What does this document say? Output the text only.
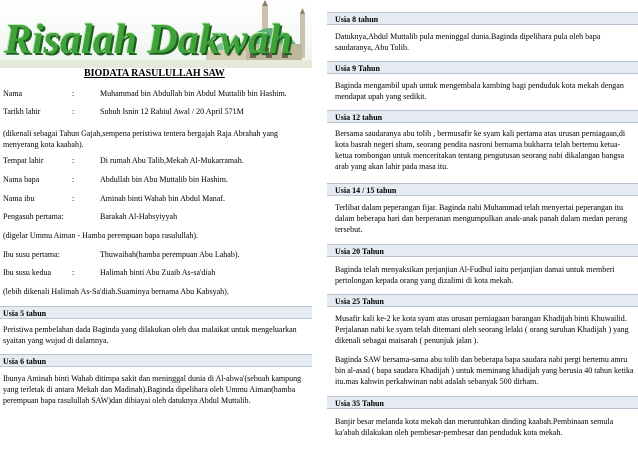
Risalah Dakwah
BIODATA RASULULLAH SAW
Nama	:	Muhammad bin Abdullah bin Abdul Muttalib bin Hashim.
Tarikh lahir	:	Subuh Isnin 12 Rabiul Awal / 20 April 571M

(dikenali sebagai Tahun Gajah,sempena peristiwa tentera bergajah Raja Abrahah yang menyerang kota kaabah).

Tempat lahir	:	Di rumah Abu Talib,Mekah Al-Mukarramah.
Nama bapa	:	Abdullah bin Abu Muttalib bin Hashim.
Nama ibu	:	Aminah binti Wahab bin Abdul Manaf.
Pengasuh pertama:	Barakah Al-Habsyiyyah

(digelar Ummu Aiman - Hamba perempuan bapa rasulullah).

Ibu susu pertama:	Thuwaibah(hamba perempuan Abu Lahab).
Ibu susu kedua	:	Halimah binti Abu Zuaib As-sa'diah

(lebih dikenali Halimah As-Sa'diah.Suaminya bernama Abu Kabsyah).

Usia 5 tahun

Peristiwa pembelahan dada Baginda yang dilakukan oleh dua malaikat untuk mengeluarkan syaitan yang wujud di dalamnya.

Usia 6 tahun

Ibunya Aminah binti Wahab ditimpa sakit dan meninggal dunia di Al-abwa'(sebuah kampung yang terletak di antara Mekah dan Madinah).Baginda dipelihara oleh Ummu Aiman(hamba perempuan bapa rasulullah SAW)dan dibiayai oleh datuknya Abdul Muttalib.

Usia 8 tahun

Datuknya,Abdul Muttalib pula meninggal dunia.Baginda dipelihara pula oleh bapa saudaranya, Abu Tolib.

Usia 9 Tahun

Baginda mengambil upah untuk mengembala kambing bagi penduduk kota mekah dengan mendapat upah yang sedikit.

Usia 12 tahun

Bersama saudaranya abu tolib , bermusafir ke syam kali pertama atas urusan perniagaan,di kota basrah negeri sham, seorang pendita nasroni bernama bukharra telah bertemu ketua-ketua rombongan untuk menceritakan tentang pengutusan seorang nabi dikalangan bangsa arab yang akan lahir pada masa itu.

Usia 14 / 15 tahun

Terlibat dalam peperangan fijar. Baginda nabi Muhammad telah menyertai peperangan itu dalam beberapa hari dan berperanan mengumpulkan anak-anak panah dalam medan perang tersebut.

Usia 20 Tahun

Baginda telah menyaksikan perjanjian Al-Fudhul iaitu perjanjian damai untuk memberi pertolongan kepada orang yang dizalimi di kota mekah.

Usia 25 Tahun

Musafir kali ke-2 ke kota syam atas urusan perniagaan barangan Khadijah binti Khuwailid. Perjalanan nabi ke syam telah ditemani oleh seorang lelaki ( orang suruhan Khadijah ) yang dikenali sebagai maisarah ( penunjuk jalan ).

Baginda SAW bersama-sama abu tolib dan beberapa bapa saudara nabi pergi bertemu amru bin al-asad ( bapa saudara Khadijah ) untuk meminang khadijah yang berusia 40 tahun ketika itu.mas kahwin perkahwinan nabi adalah sebanyak 500 dirham.

Usia 35 Tahun

Banjir besar melanda kota mekah dan meruntuhkan dinding kaabah.Pembinaan semula ka'abah dilakukan oleh pembesar-pembesar dan penduduk kota mekah.
